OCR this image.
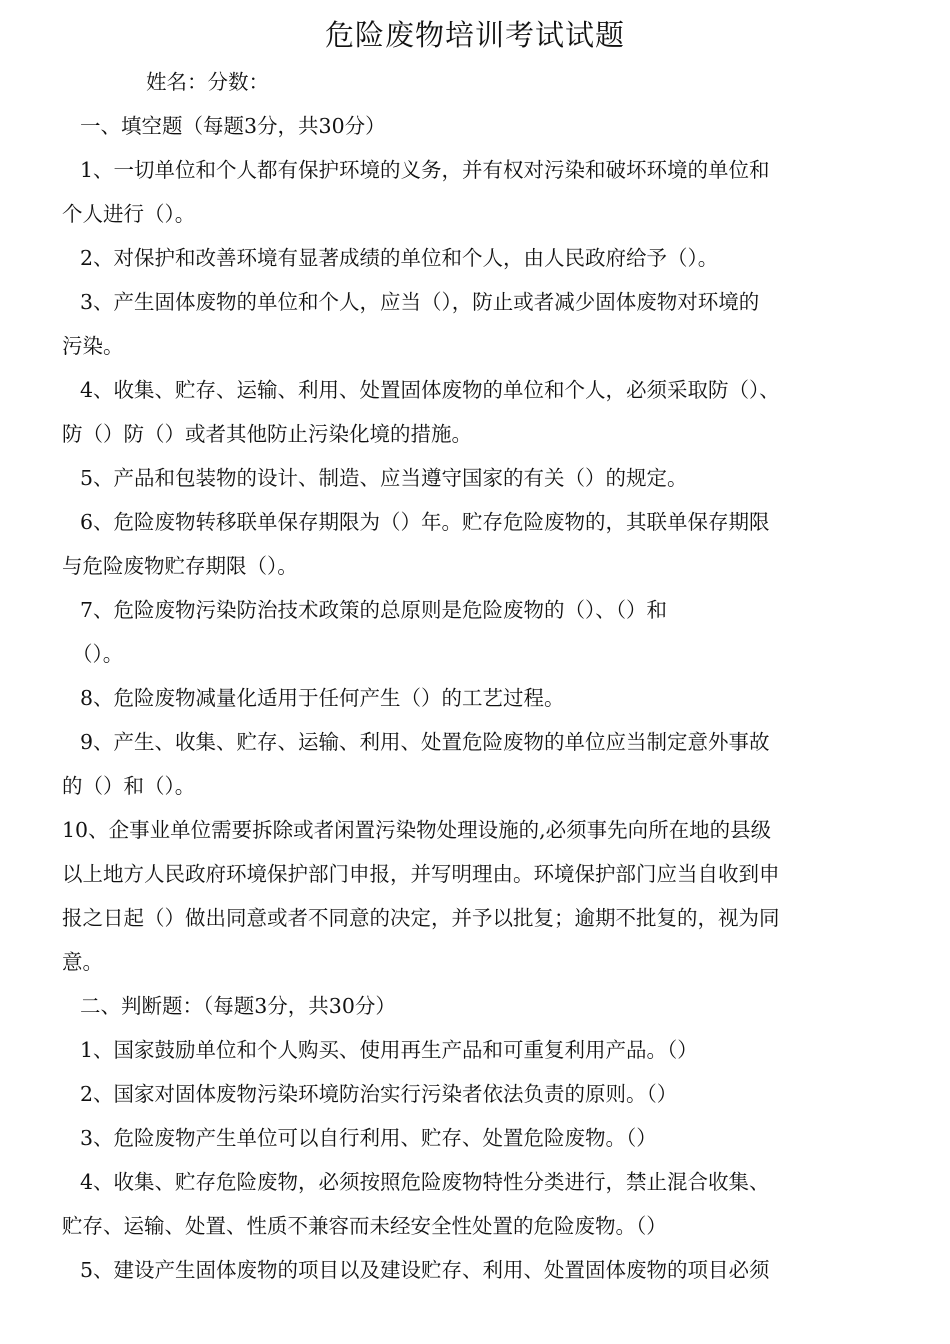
危险废物培训考试试题
姓名：分数：
一、填空题（每题3分，共30分）
1、一切单位和个人都有保护环境的义务，并有权对污染和破坏环境的单位和
个人进行（）。
2、对保护和改善环境有显著成绩的单位和个人，由人民政府给予（）。
3、产生固体废物的单位和个人，应当（），防止或者减少固体废物对环境的
污染。
4、收集、贮存、运输、利用、处置固体废物的单位和个人，必须采取防（）、
防（）防（）或者其他防止污染化境的措施。
5、产品和包装物的设计、制造、应当遵守国家的有关（）的规定。
6、危险废物转移联单保存期限为（）年。贮存危险废物的，其联单保存期限
与危险废物贮存期限（）。
7、危险废物污染防治技术政策的总原则是危险废物的（）、（）和
（）。
8、危险废物减量化适用于任何产生（）的工艺过程。
9、产生、收集、贮存、运输、利用、处置危险废物的单位应当制定意外事故
的（）和（）。
10、企事业单位需要拆除或者闲置污染物处理设施的,必须事先向所在地的县级
以上地方人民政府环境保护部门申报，并写明理由。环境保护部门应当自收到申
报之日起（）做出同意或者不同意的决定，并予以批复；逾期不批复的，视为同
意。
二、判断题：（每题3分，共30分）
1、国家鼓励单位和个人购买、使用再生产品和可重复利用产品。（）
2、国家对固体废物污染环境防治实行污染者依法负责的原则。（）
3、危险废物产生单位可以自行利用、贮存、处置危险废物。（）
4、收集、贮存危险废物，必须按照危险废物特性分类进行，禁止混合收集、
贮存、运输、处置、性质不兼容而未经安全性处置的危险废物。（）
5、建设产生固体废物的项目以及建设贮存、利用、处置固体废物的项目必须
